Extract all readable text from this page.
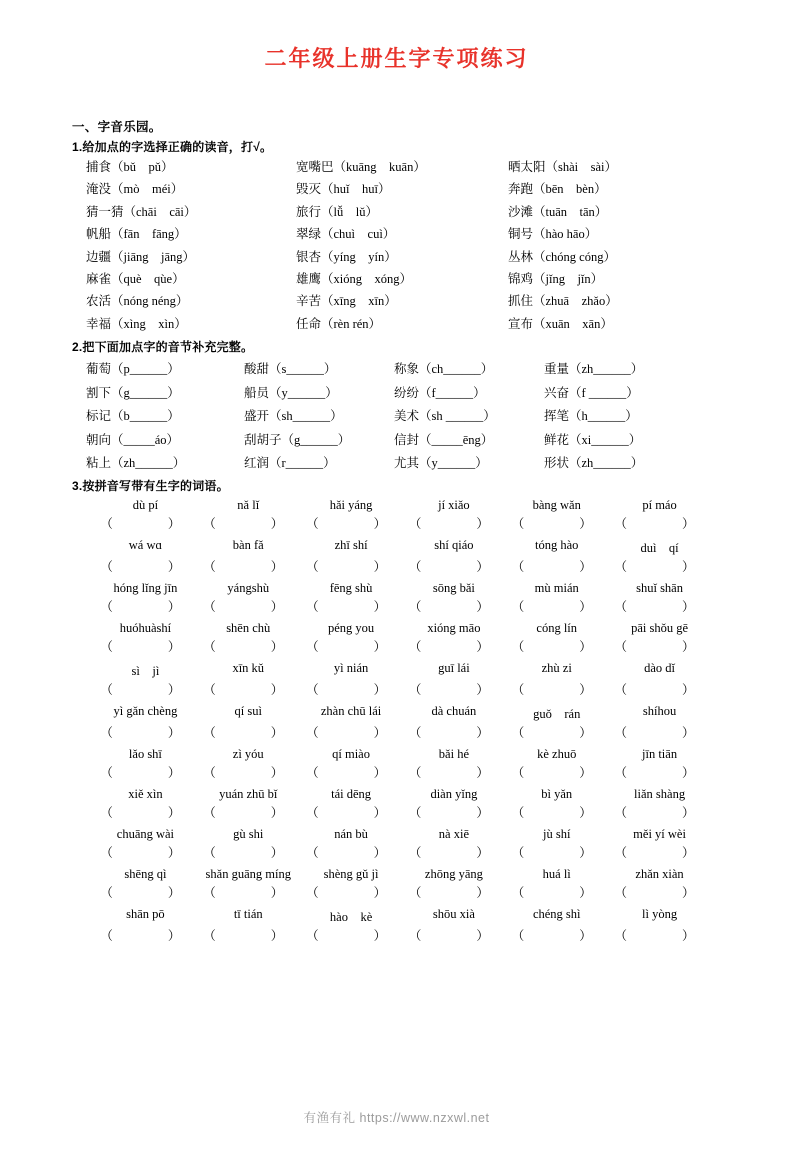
二年级上册生字专项练习
一、字音乐园。
1.给加点的字选择正确的读音，打√。
捕食（bǔ　pǔ）	宽嘴巴（kuāng　kuān）	晒太阳（shài　sài）
淹没（mò　méi）	毁灭（huǐ　huī）	奔跑（bēn　bèn）
猜一猜（chāi　cāi）	旅行（lǚ　lǔ）	沙滩（tuān　tān）
帆船（fān　fāng）	翠绿（chuì　cuì）	铜号（hào hāo）
边疆（jiāng　jāng）	银杏（yíng　yín）	丛林（chóng cóng）
麻雀（què　qùe）	雄鹰（xióng　xóng）	锦鸡（jǐng　jǐn）
农活（nóng néng）	辛苦（xīng　xīn）	抓住（zhuā　zhǎo）
幸福（xìng　xìn）	任命（rèn rén）	宣布（xuān　xān）
2.把下面加点字的音节补充完整。
葡萄（p______）	酸甜（s______）	称象（ch______）	重量（zh______）
割下（g______）	船员（y______）	纷纷（f______）	兴奋（f ______）
标记（b______）	盛开（sh______）	美术（sh ______）	挥笔（h______）
朝向（_____áo）	刮胡子（g______）	信封（_____ēng）	鲜花（xi______）
粘上（zh______）	红润（r______）	尤其（y______）	形状（zh______）
3.按拼音写带有生字的词语。
dù pí	nǎ lǐ	hǎi yáng	jí xiǎo	bàng wǎn	pí máo
（　　）	（　　）	（　　）	（　　）	（　　）	（　　）
wá wɑ	bàn fǎ	zhī shí	shí qiáo	tóng hào	duì　qí
（　　）	（　　）	（　　）	（　　）	（　　）	（　　）
hóng lǐng jīn	yángshù	fēng shù	sōng bǎi	mù mián	shuǐ shān
（　　）	（　　）	（　　）	（　　）	（　　）	（　　）
huóhuàshí	shēn chù	péng you	xióng māo	cóng lín	pāi shǒu gē
（　　）	（　　）	（　　）	（　　）	（　　）	（　　）
sì　jì	xīn kǔ	yì nián	guī lái	zhù zi	dào dǐ
（　　）	（　　）	（　　）	（　　）	（　　）	（　　）
yì gǎn chèng	qí suì	zhàn chū lái	dà chuán	guǒ　rán	shíhou
（　　）	（　　）	（　　）	（　　）	（　　）	（　　）
lǎo shī	zì yóu	qí miào	bǎi hé	kè zhuō	jīn tiān
（　　）	（　　）	（　　）	（　　）	（　　）	（　　）
xiě xìn	yuán zhū bǐ	tái dēng	diàn yǐng	bì yǎn	liǎn shàng
（　　）	（　　）	（　　）	（　　）	（　　）	（　　）
chuāng wài	gù shi	nán bù	nà xiē	jù shí	měi yí wèi
（　　）	（　　）	（　　）	（　　）	（　　）	（　　）
shēng qì	shǎn guāng míng	shèng gǔ jì	zhōng yāng	huá lì	zhǎn xiàn
（　　）	（　　）	（　　）	（　　）	（　　）	（　　）
shān pō	tī tián	hào　kè	shōu xià	chéng shì	lì yòng
（　　）	（　　）	（　　）	（　　）	（　　）	（　　）
有渔有礼 https://www.nzxwl.net
